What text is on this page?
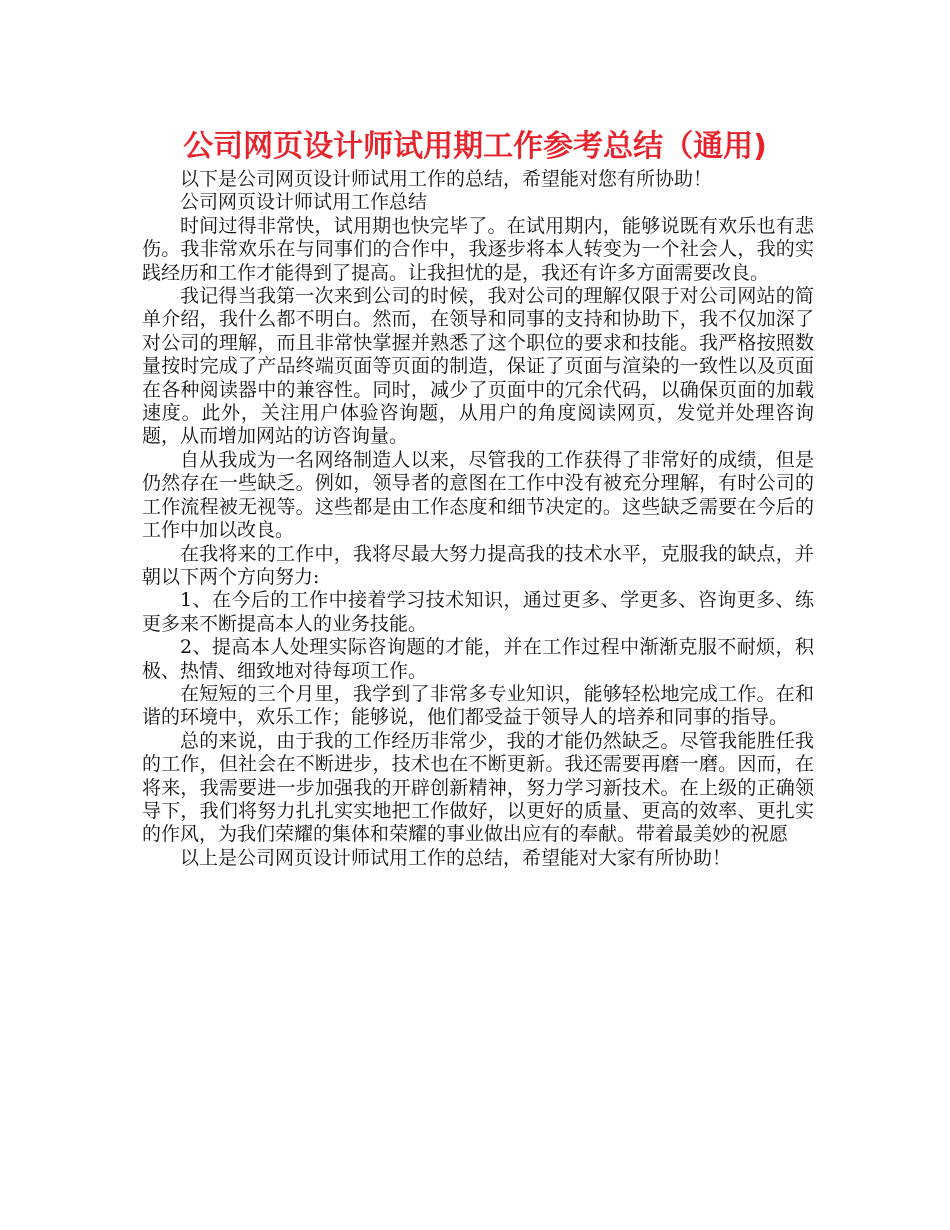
公司网页设计师试用期工作参考总结（通用)

以下是公司网页设计师试用工作的总结，希望能对您有所协助！

公司网页设计师试用工作总结

时间过得非常快，试用期也快完毕了。在试用期内，能够说既有欢乐也有悲伤。我非常欢乐在与同事们的合作中，我逐步将本人转变为一个社会人，我的实践经历和工作才能得到了提高。让我担忧的是，我还有许多方面需要改良。

我记得当我第一次来到公司的时候，我对公司的理解仅限于对公司网站的简单介绍，我什么都不明白。然而，在领导和同事的支持和协助下，我不仅加深了对公司的理解，而且非常快掌握并熟悉了这个职位的要求和技能。我严格按照数量按时完成了产品终端页面等页面的制造，保证了页面与渲染的一致性以及页面在各种阅读器中的兼容性。同时，减少了页面中的冗余代码，以确保页面的加载速度。此外，关注用户体验咨询题，从用户的角度阅读网页，发觉并处理咨询题，从而增加网站的访咨询量。

自从我成为一名网络制造人以来，尽管我的工作获得了非常好的成绩，但是仍然存在一些缺乏。例如，领导者的意图在工作中没有被充分理解，有时公司的工作流程被无视等。这些都是由工作态度和细节决定的。这些缺乏需要在今后的工作中加以改良。

在我将来的工作中，我将尽最大努力提高我的技术水平，克服我的缺点，并朝以下两个方向努力:

1、在今后的工作中接着学习技术知识，通过更多、学更多、咨询更多、练更多来不断提高本人的业务技能。

2、提高本人处理实际咨询题的才能，并在工作过程中渐渐克服不耐烦，积极、热情、细致地对待每项工作。

在短短的三个月里，我学到了非常多专业知识，能够轻松地完成工作。在和谐的环境中，欢乐工作；能够说，他们都受益于领导人的培养和同事的指导。

总的来说，由于我的工作经历非常少，我的才能仍然缺乏。尽管我能胜任我的工作，但社会在不断进步，技术也在不断更新。我还需要再磨一磨。因而，在将来，我需要进一步加强我的开辟创新精神，努力学习新技术。在上级的正确领导下，我们将努力扎扎实实地把工作做好，以更好的质量、更高的效率、更扎实的作风，为我们荣耀的集体和荣耀的事业做出应有的奉献。带着最美妙的祝愿

以上是公司网页设计师试用工作的总结，希望能对大家有所协助！
